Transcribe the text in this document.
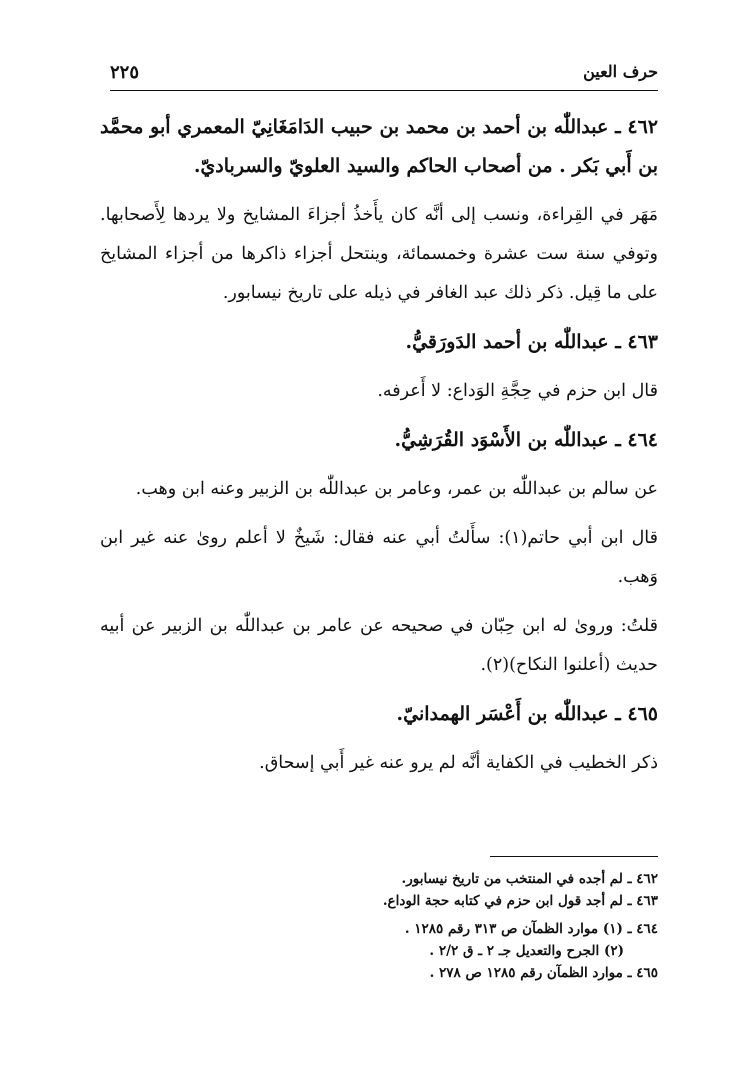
حرف العين
٢٢٥

٤٦٢ ـ عبداللّٰه بن أحمد بن محمد بن حبيب الدَامَغَانِيّ المعمري أبو محمَّد بن أَبي بَكر . من أصحاب الحاكم والسيد العلويّ والسرباديّ.

مَهَر في القِراءة، ونسب إلى أنَّه كان يأَخذُ أجزاءَ المشايخ ولا يردها لِأَصحابها. وتوفي سنة ست عشرة وخمسمائة، وينتحل أجزاء ذاكرها من أجزاء المشايخ على ما قِيل. ذكر ذلك عبد الغافر في ذيله على تاريخ نيسابور.

٤٦٣ ـ عبداللّٰه بن أحمد الدَورَقيُّ.

قال ابن حزم في حِجَّةِ الوَداع: لا أَعرفه.

٤٦٤ ـ عبداللّٰه بن الأَسْوَد القُرَشِيُّ.

عن سالم بن عبداللّٰه بن عمر، وعامر بن عبداللّٰه بن الزبير وعنه ابن وهب.

قال ابن أبي حاتم(١): سأَلتُ أبي عنه فقال: شَيخٌ لا أعلم روىٰ عنه غير ابن وَهب.

قلتُ: وروىٰ له ابن حِبّان في صحيحه عن عامر بن عبداللّٰه بن الزبير عن أبيه حديث (أعلنوا النكاح)(٢).

٤٦٥ ـ عبداللّٰه بن أَعْسَر الهمدانيّ.

ذكر الخطيب في الكفاية أنَّه لم يرو عنه غير أَبي إسحاق.

٤٦٢ ـ لم أجده في المنتخب من تاريخ نيسابور.
٤٦٣ ـ لم أجد قول ابن حزم في كتابه حجة الوداع.
٤٦٤ ـ (١) موارد الظمآن ص ٣١٣ رقم ١٢٨٥ .
(٢) الجرح والتعديل جـ ٢ ـ ق ٢/٢ .
٤٦٥ ـ موارد الظمآن رقم ١٢٨٥ ص ٢٧٨ .
